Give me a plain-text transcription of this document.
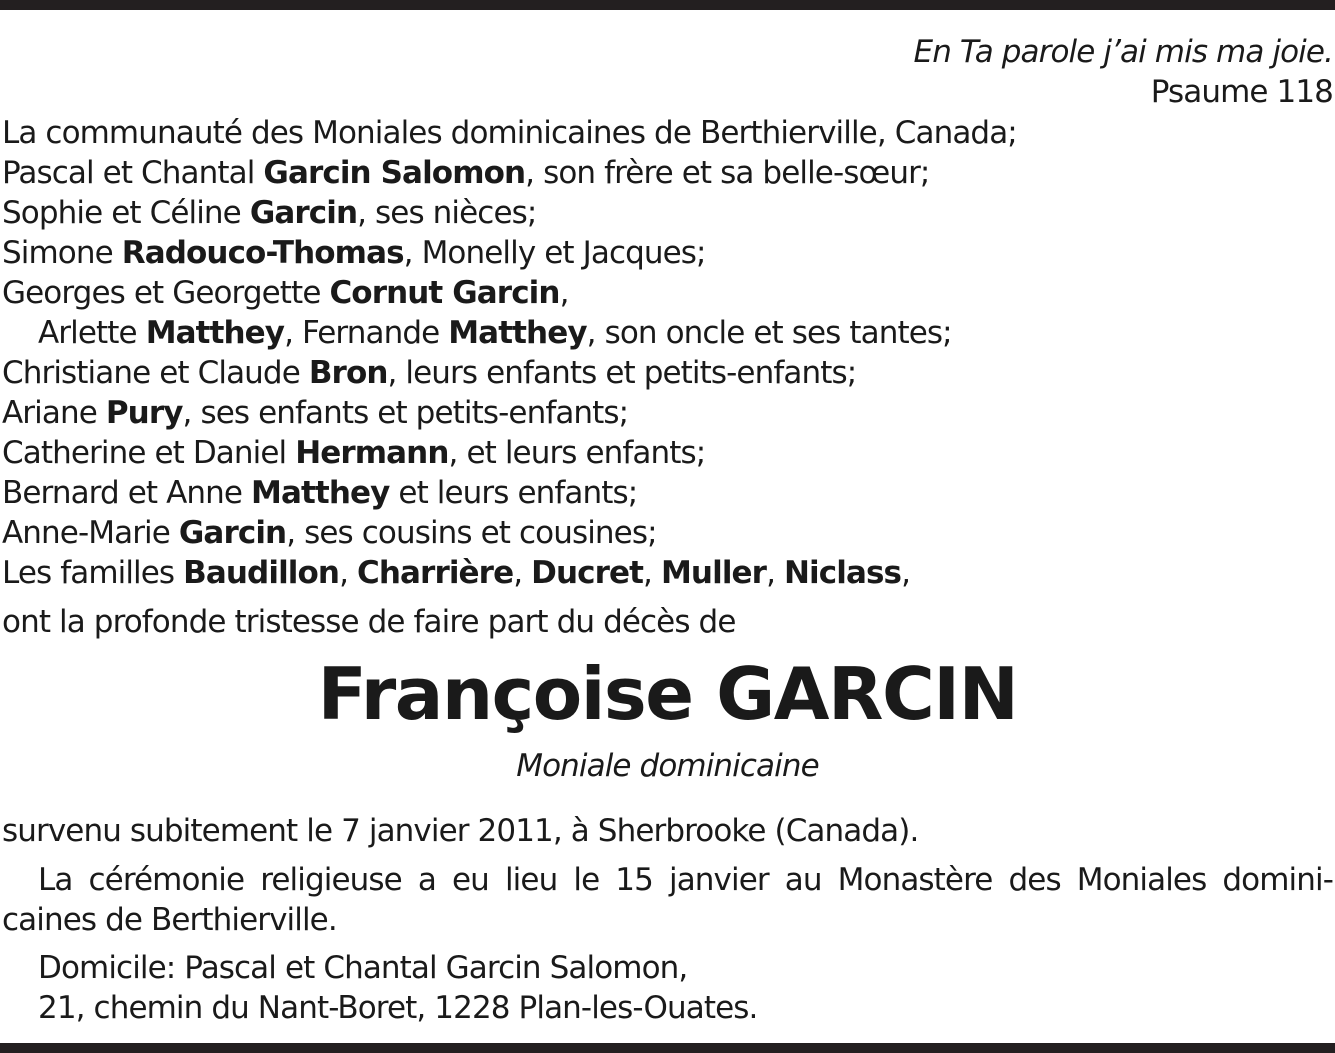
En Ta parole j’ai mis ma joie.
Psaume 118
La communauté des Moniales dominicaines de Berthierville, Canada;
Pascal et Chantal Garcin Salomon, son frère et sa belle-sœur;
Sophie et Céline Garcin, ses nièces;
Simone Radouco-Thomas, Monelly et Jacques;
Georges et Georgette Cornut Garcin,
Arlette Matthey, Fernande Matthey, son oncle et ses tantes;
Christiane et Claude Bron, leurs enfants et petits-enfants;
Ariane Pury, ses enfants et petits-enfants;
Catherine et Daniel Hermann, et leurs enfants;
Bernard et Anne Matthey et leurs enfants;
Anne-Marie Garcin, ses cousins et cousines;
Les familles Baudillon, Charrière, Ducret, Muller, Niclass,
ont la profonde tristesse de faire part du décès de
Françoise GARCIN
Moniale dominicaine
survenu subitement le 7 janvier 2011, à Sherbrooke (Canada).
La cérémonie religieuse a eu lieu le 15 janvier au Monastère des Moniales domini-
caines de Berthierville.
Domicile: Pascal et Chantal Garcin Salomon,
21, chemin du Nant-Boret, 1228 Plan-les-Ouates.
